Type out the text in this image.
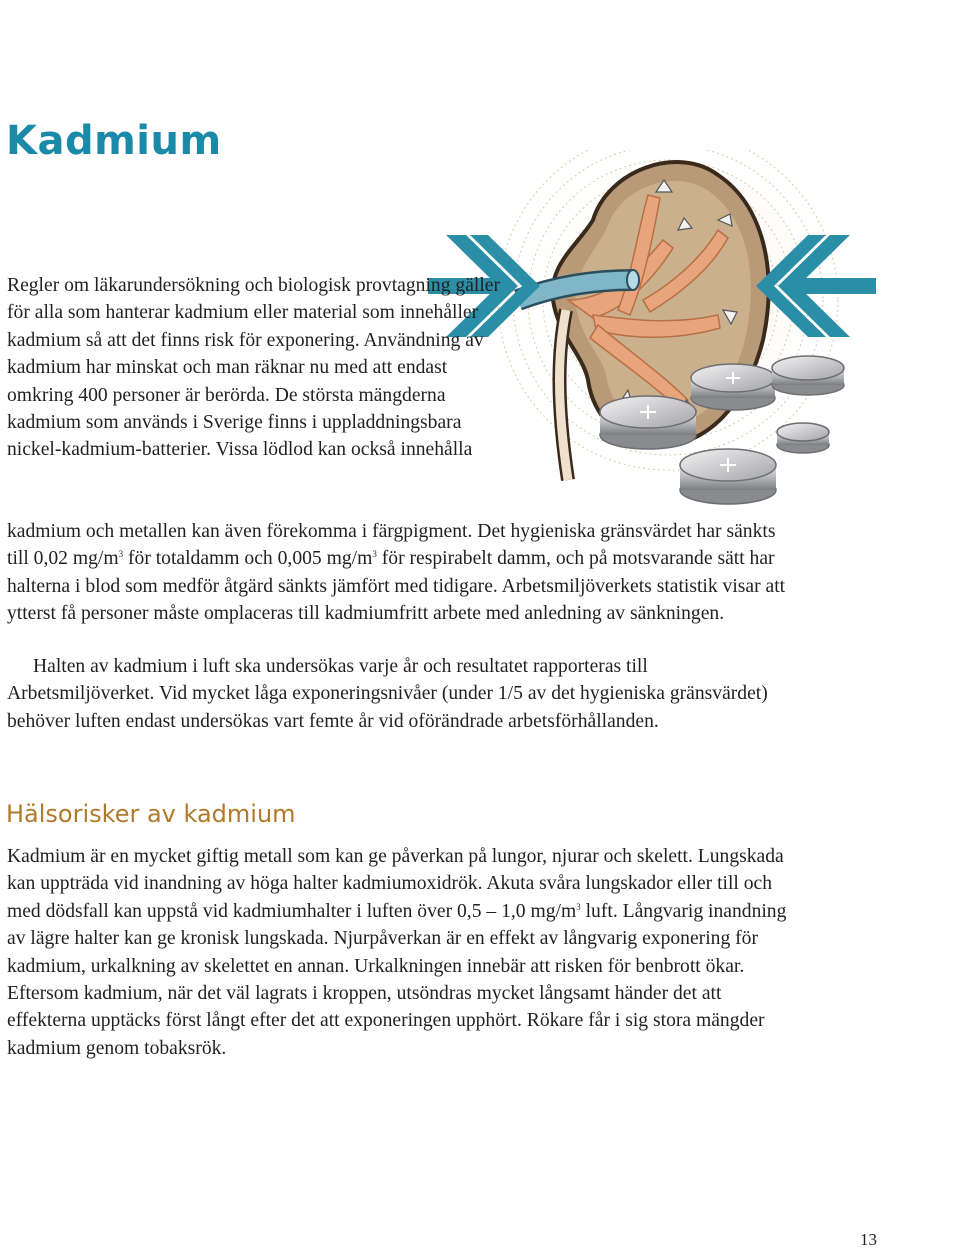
Kadmium

Regler om läkarundersökning och biologisk provtagning gäller för alla som hanterar kadmium eller material som innehåller kadmium så att det finns risk för exponering. Användning av kadmium har minskat och man räknar nu med att endast omkring 400 personer är berörda. De största mängderna kadmium som används i Sverige finns i uppladdningsbara nickel-kadmium-batterier. Vissa lödlod kan också innehålla

kadmium och metallen kan även förekomma i färgpigment. Det hygieniska gränsvärdet har sänkts till 0,02 $mg/m^3$ för totaldamm och 0,005 $mg/m^3$ för respirabelt damm, och på motsvarande sätt har halterna i blod som medför åtgärd sänkts jämfört med tidigare. Arbetsmiljöverkets statistik visar att ytterst få personer måste omplaceras till kadmiumfritt arbete med anledning av sänkningen.

Halten av kadmium i luft ska undersökas varje år och resultatet rapporteras till Arbetsmiljöverket. Vid mycket låga exponeringsnivåer (under 1/5 av det hygieniska gränsvärdet) behöver luften endast undersökas vart femte år vid oförändrade arbetsförhållanden.

Hälsorisker av kadmium

Kadmium är en mycket giftig metall som kan ge påverkan på lungor, njurar och skelett. Lungskada kan uppträda vid inandning av höga halter kadmiumoxidrök. Akuta svåra lungskador eller till och med dödsfall kan uppstå vid kadmiumhalter i luften över 0,5 – 1,0 $mg/m^3$ luft. Långvarig inandning av lägre halter kan ge kronisk lungskada. Njurpåverkan är en effekt av långvarig exponering för kadmium, urkalkning av skelettet en annan. Urkalkningen innebär att risken för benbrott ökar. Eftersom kadmium, när det väl lagrats i kroppen, utsöndras mycket långsamt händer det att effekterna upptäcks först långt efter det att exponeringen upphört. Rökare får i sig stora mängder kadmium genom tobaksrök.

13
